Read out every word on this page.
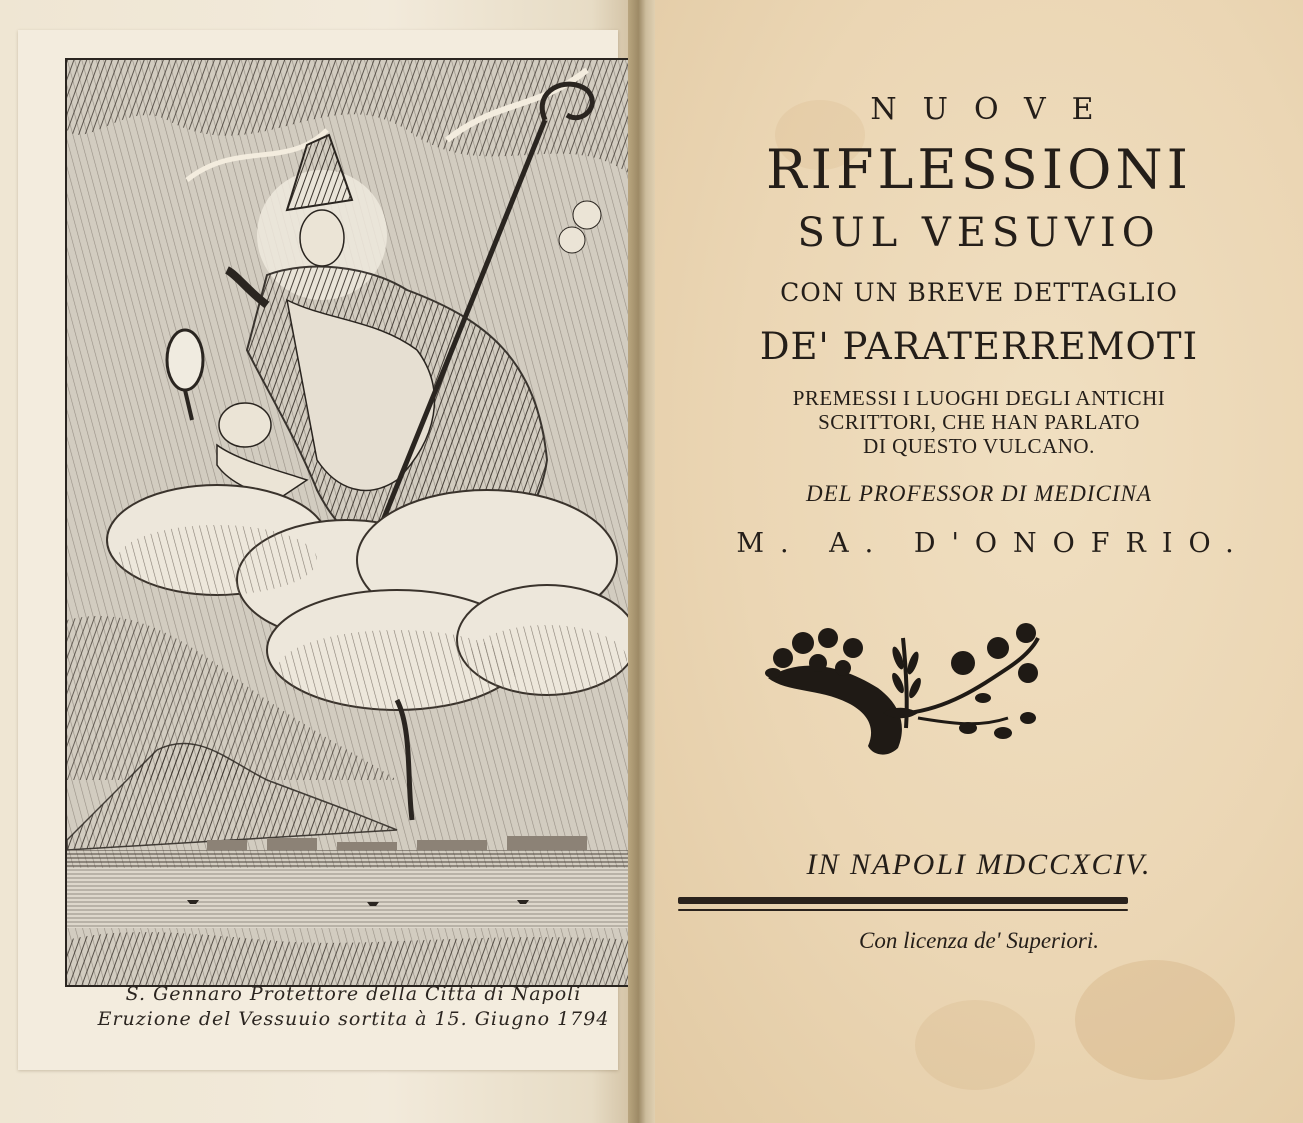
S. Gennaro Protettore della Città di Napoli
Eruzione del Vessuuio sortita à 15. Giugno 1794
NUOVE
RIFLESSIONI
SUL VESUVIO
CON UN BREVE DETTAGLIO
DE' PARATERREMOTI
PREMESSI I LUOGHI DEGLI ANTICHI
SCRITTORI, CHE HAN PARLATO
DI QUESTO VULCANO.
DEL PROFESSOR DI MEDICINA
M. A. D'ONOFRIO.
IN NAPOLI MDCCXCIV.
Con licenza de' Superiori.
